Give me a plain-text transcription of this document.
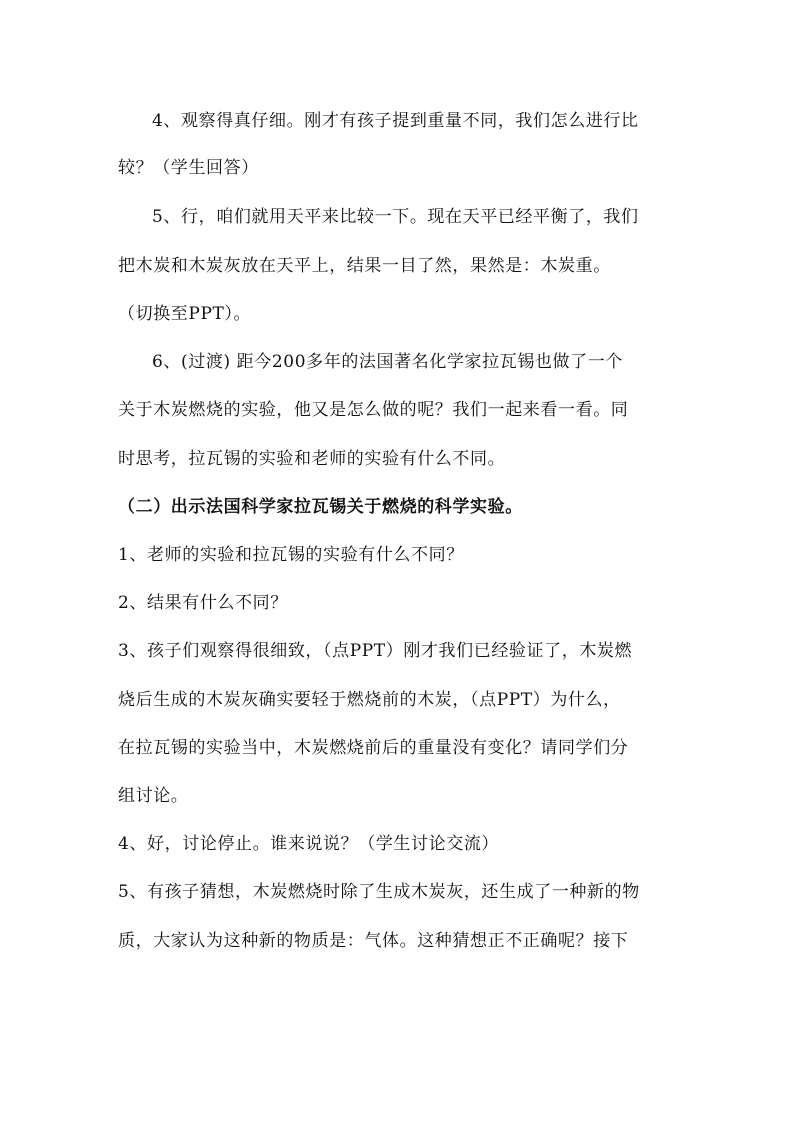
4、观察得真仔细。刚才有孩子提到重量不同，我们怎么进行比
较？（学生回答）
5、行，咱们就用天平来比较一下。现在天平已经平衡了，我们
把木炭和木炭灰放在天平上，结果一目了然，果然是：木炭重。
（切换至PPT）。
6、(过渡) 距今200多年的法国著名化学家拉瓦锡也做了一个
关于木炭燃烧的实验，他又是怎么做的呢？我们一起来看一看。同
时思考，拉瓦锡的实验和老师的实验有什么不同。
（二）出示法国科学家拉瓦锡关于燃烧的科学实验。
1、老师的实验和拉瓦锡的实验有什么不同？
2、结果有什么不同？
3、孩子们观察得很细致，（点PPT）刚才我们已经验证了，木炭燃
烧后生成的木炭灰确实要轻于燃烧前的木炭，（点PPT）为什么，
在拉瓦锡的实验当中，木炭燃烧前后的重量没有变化？请同学们分
组讨论。
4、好，讨论停止。谁来说说？（学生讨论交流）
5、有孩子猜想，木炭燃烧时除了生成木炭灰，还生成了一种新的物
质，大家认为这种新的物质是：气体。这种猜想正不正确呢？接下
